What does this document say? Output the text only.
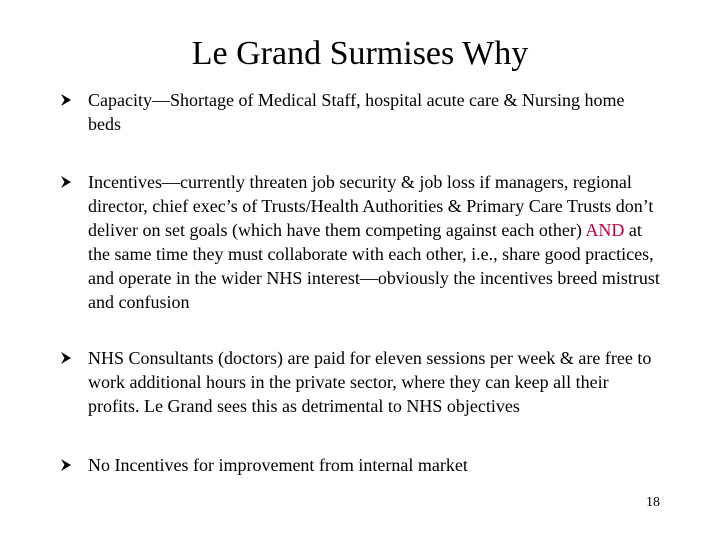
Le Grand Surmises Why
Capacity—Shortage of Medical Staff, hospital acute care & Nursing home beds
Incentives—currently threaten job security & job loss if managers, regional director, chief exec’s of Trusts/Health Authorities & Primary Care Trusts don’t deliver on set goals (which have them competing against each other) AND at the same time they must collaborate with each other, i.e., share good practices, and operate in the wider NHS interest—obviously the incentives breed mistrust and confusion
NHS Consultants (doctors) are paid for eleven sessions per week & are free to work additional hours in the private sector, where they can keep all their profits. Le Grand sees this as detrimental to NHS objectives
No Incentives for improvement from internal market
18
